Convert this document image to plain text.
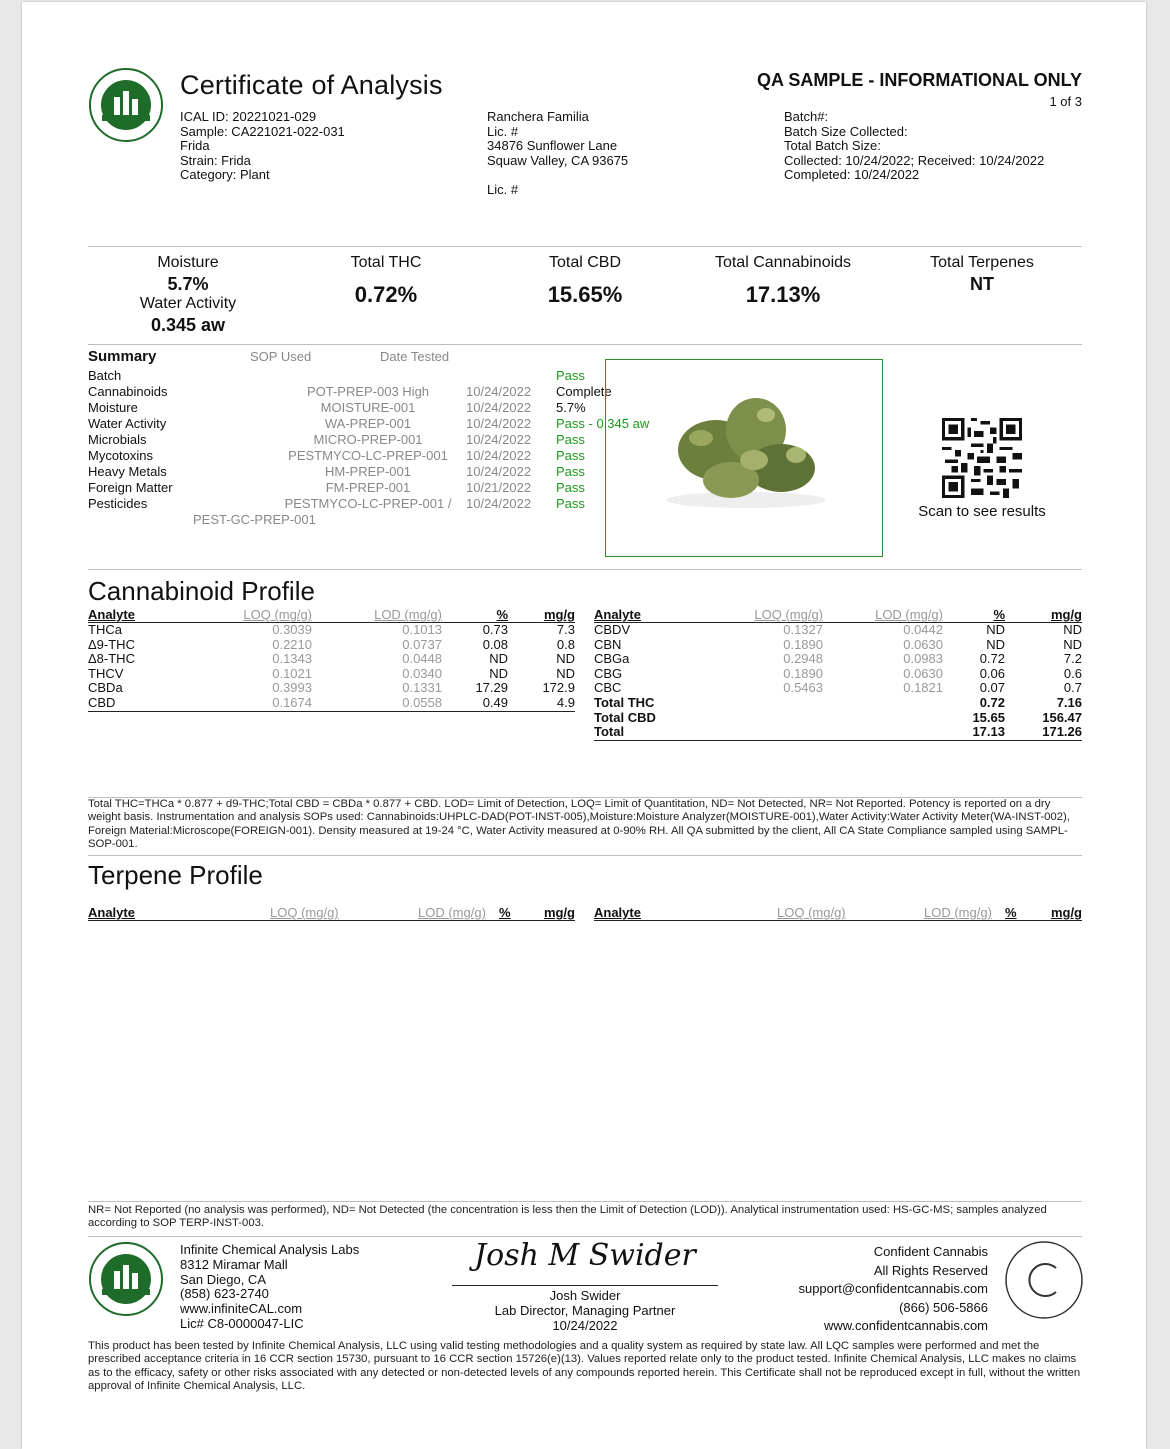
Certificate of Analysis	QA SAMPLE - INFORMATIONAL ONLY
1 of 3
ICAL ID: 20221021-029
Sample: CA221021-022-031
Frida
Strain: Frida
Category: Plant
Ranchera Familia
Lic. #
34876 Sunflower Lane
Squaw Valley, CA 93675
Lic. #
Batch#:
Batch Size Collected:
Total Batch Size:
Collected: 10/24/2022; Received: 10/24/2022
Completed: 10/24/2022
Moisture
5.7%
Water Activity
0.345 aw
Total THC
0.72%
Total CBD
15.65%
Total Cannabinoids
17.13%
Total Terpenes
NT
Summary	SOP Used	Date Tested
Batch	Pass
Cannabinoids	POT-PREP-003 High	10/24/2022 Complete
Moisture	MOISTURE-001	10/24/2022 5.7%
Water Activity	WA-PREP-001	10/24/2022 Pass - 0.345 aw
Microbials	MICRO-PREP-001	10/24/2022 Pass
Mycotoxins	PESTMYCO-LC-PREP-001	10/24/2022 Pass
Heavy Metals	HM-PREP-001	10/24/2022 Pass
Foreign Matter	FM-PREP-001	10/21/2022 Pass
Pesticides	PESTMYCO-LC-PREP-001 /	10/24/2022 Pass
PEST-GC-PREP-001	Scan to see results
Cannabinoid Profile
Analyte	LOQ (mg/g)	LOD (mg/g)	%	mg/g
THCa	0.3039	0.1013	0.73	7.3
Δ9-THC	0.2210	0.0737	0.08	0.8
Δ8-THC	0.1343	0.0448	ND	ND
THCV	0.1021	0.0340	ND	ND
CBDa	0.3993	0.1331	17.29	172.9
CBD	0.1674	0.0558	0.49	4.9
Analyte	LOQ (mg/g)	LOD (mg/g)	%	mg/g
CBDV	0.1327	0.0442	ND	ND
CBN	0.1890	0.0630	ND	ND
CBGa	0.2948	0.0983	0.72	7.2
CBG	0.1890	0.0630	0.06	0.6
CBC	0.5463	0.1821	0.07	0.7
Total THC			0.72	7.16
Total CBD			15.65	156.47
Total			17.13	171.26
Total THC=THCa * 0.877 + d9-THC;Total CBD = CBDa * 0.877 + CBD. LOD= Limit of Detection, LOQ= Limit of Quantitation, ND= Not Detected, NR= Not Reported. Potency is reported on a dry weight basis. Instrumentation and analysis SOPs used: Cannabinoids:UHPLC-DAD(POT-INST-005),Moisture:Moisture Analyzer(MOISTURE-001),Water Activity:Water Activity Meter(WA-INST-002), Foreign Material:Microscope(FOREIGN-001). Density measured at 19-24 °C, Water Activity measured at 0-90% RH. All QA submitted by the client, All CA State Compliance sampled using SAMPL-SOP-001.
Terpene Profile
Analyte	LOQ (mg/g)	LOD (mg/g) %	mg/g Analyte	LOQ (mg/g)	LOD (mg/g) %	mg/g
NR= Not Reported (no analysis was performed), ND= Not Detected (the concentration is less then the Limit of Detection (LOD)). Analytical instrumentation used: HS-GC-MS; samples analyzed according to SOP TERP-INST-003.
Infinite Chemical Analysis Labs
8312 Miramar Mall
San Diego, CA
(858) 623-2740
www.infiniteCAL.com
Lic# C8-0000047-LIC
Josh M Swider
Josh Swider
Lab Director, Managing Partner
10/24/2022
Confident Cannabis
All Rights Reserved
support@confidentcannabis.com
(866) 506-5866
www.confidentcannabis.com
This product has been tested by Infinite Chemical Analysis, LLC using valid testing methodologies and a quality system as required by state law. All LQC samples were performed and met the prescribed acceptance criteria in 16 CCR section 15730, pursuant to 16 CCR section 15726(e)(13). Values reported relate only to the product tested. Infinite Chemical Analysis, LLC makes no claims as to the efficacy, safety or other risks associated with any detected or non-detected levels of any compounds reported herein. This Certificate shall not be reproduced except in full, without the written approval of Infinite Chemical Analysis, LLC.
